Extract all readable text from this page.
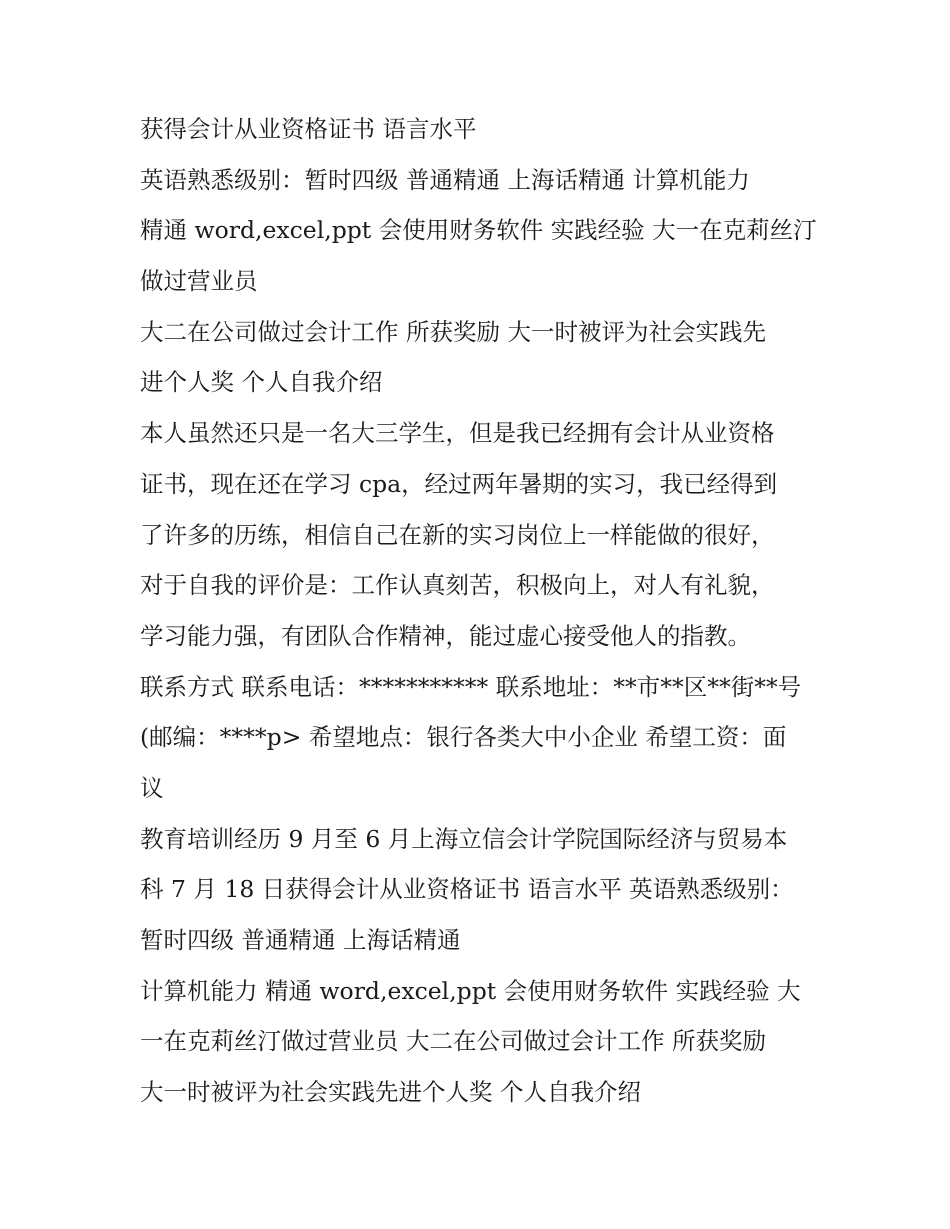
获得会计从业资格证书 语言水平
英语熟悉级别：暂时四级 普通精通 上海话精通 计算机能力
精通 word,excel,ppt 会使用财务软件 实践经验 大一在克莉丝汀
做过营业员
大二在公司做过会计工作 所获奖励 大一时被评为社会实践先
进个人奖 个人自我介绍
本人虽然还只是一名大三学生，但是我已经拥有会计从业资格
证书，现在还在学习 cpa，经过两年暑期的实习，我已经得到
了许多的历练，相信自己在新的实习岗位上一样能做的很好，
对于自我的评价是：工作认真刻苦，积极向上，对人有礼貌，
学习能力强，有团队合作精神，能过虚心接受他人的指教。
联系方式 联系电话：*********** 联系地址：**市**区**街**号
(邮编：****p> 希望地点：银行各类大中小企业 希望工资：面
议
教育培训经历 9 月至 6 月上海立信会计学院国际经济与贸易本
科 7 月 18 日获得会计从业资格证书 语言水平 英语熟悉级别：
暂时四级 普通精通 上海话精通
计算机能力 精通 word,excel,ppt 会使用财务软件 实践经验 大
一在克莉丝汀做过营业员 大二在公司做过会计工作 所获奖励
大一时被评为社会实践先进个人奖 个人自我介绍
